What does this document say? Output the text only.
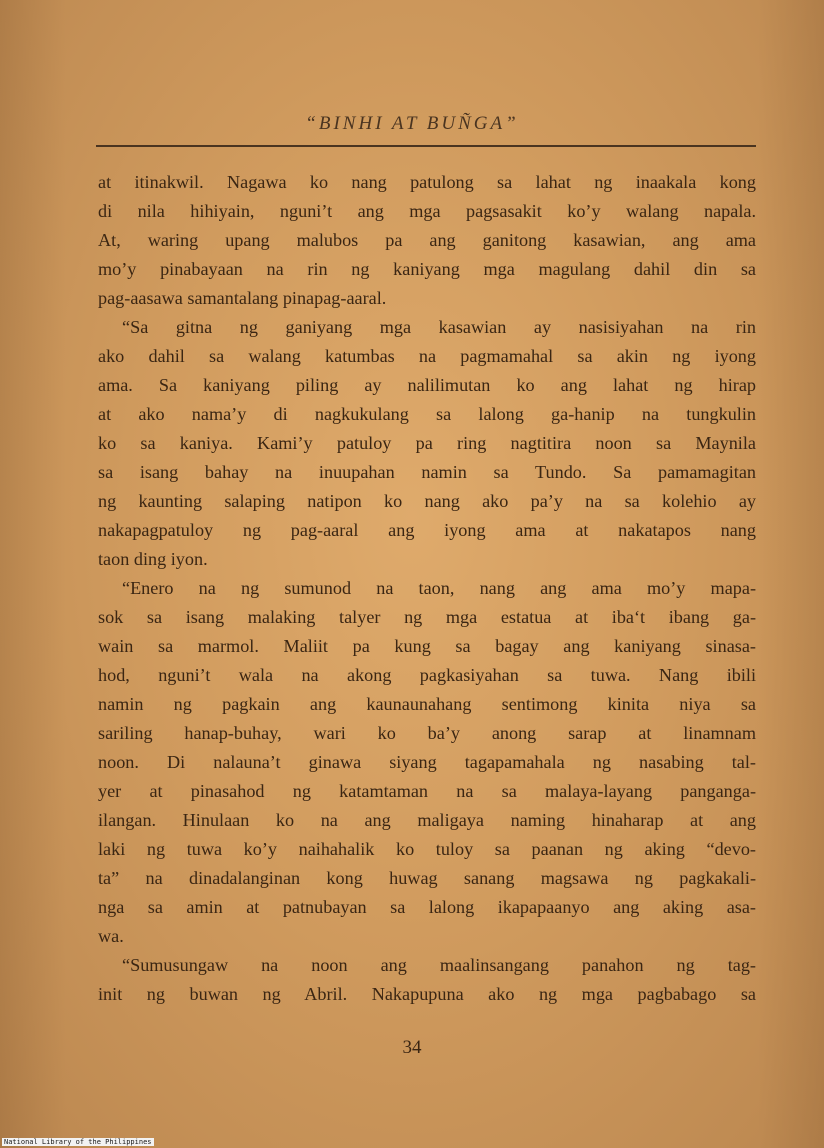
“BINHI AT BUÑGA”
at itinakwil. Nagawa ko nang patulong sa lahat ng inaakala kong
di nila hihiyain, nguni’t ang mga pagsasakit ko’y walang napala.
At, waring upang malubos pa ang ganitong kasawian, ang ama
mo’y pinabayaan na rin ng kaniyang mga magulang dahil din sa
pag-aasawa samantalang pinapag-aaral.
“Sa gitna ng ganiyang mga kasawian ay nasisiyahan na rin
ako dahil sa walang katumbas na pagmamahal sa akin ng iyong
ama. Sa kaniyang piling ay nalilimutan ko ang lahat ng hirap
at ako nama’y di nagkukulang sa lalong ga-hanip na tungkulin
ko sa kaniya. Kami’y patuloy pa ring nagtitira noon sa Maynila
sa isang bahay na inuupahan namin sa Tundo. Sa pamamagitan
ng kaunting salaping natipon ko nang ako pa’y na sa kolehio ay
nakapagpatuloy ng pag-aaral ang iyong ama at nakatapos nang
taon ding iyon.
“Enero na ng sumunod na taon, nang ang ama mo’y mapa-
sok sa isang malaking talyer ng mga estatua at iba‘t ibang ga-
wain sa marmol. Maliit pa kung sa bagay ang kaniyang sinasa-
hod, nguni’t wala na akong pagkasiyahan sa tuwa. Nang ibili
namin ng pagkain ang kaunaunahang sentimong kinita niya sa
sariling hanap-buhay, wari ko ba’y anong sarap at linamnam
noon. Di nalauna’t ginawa siyang tagapamahala ng nasabing tal-
yer at pinasahod ng katamtaman na sa malaya-layang panganga-
ilangan. Hinulaan ko na ang maligaya naming hinaharap at ang
laki ng tuwa ko’y naihahalik ko tuloy sa paanan ng aking “devo-
ta” na dinadalanginan kong huwag sanang magsawa ng pagkakali-
nga sa amin at patnubayan sa lalong ikapapaanyo ang aking asa-
wa.
“Sumusungaw na noon ang maalinsangang panahon ng tag-
init ng buwan ng Abril. Nakapupuna ako ng mga pagbabago sa
34
National Library of the Philippines
